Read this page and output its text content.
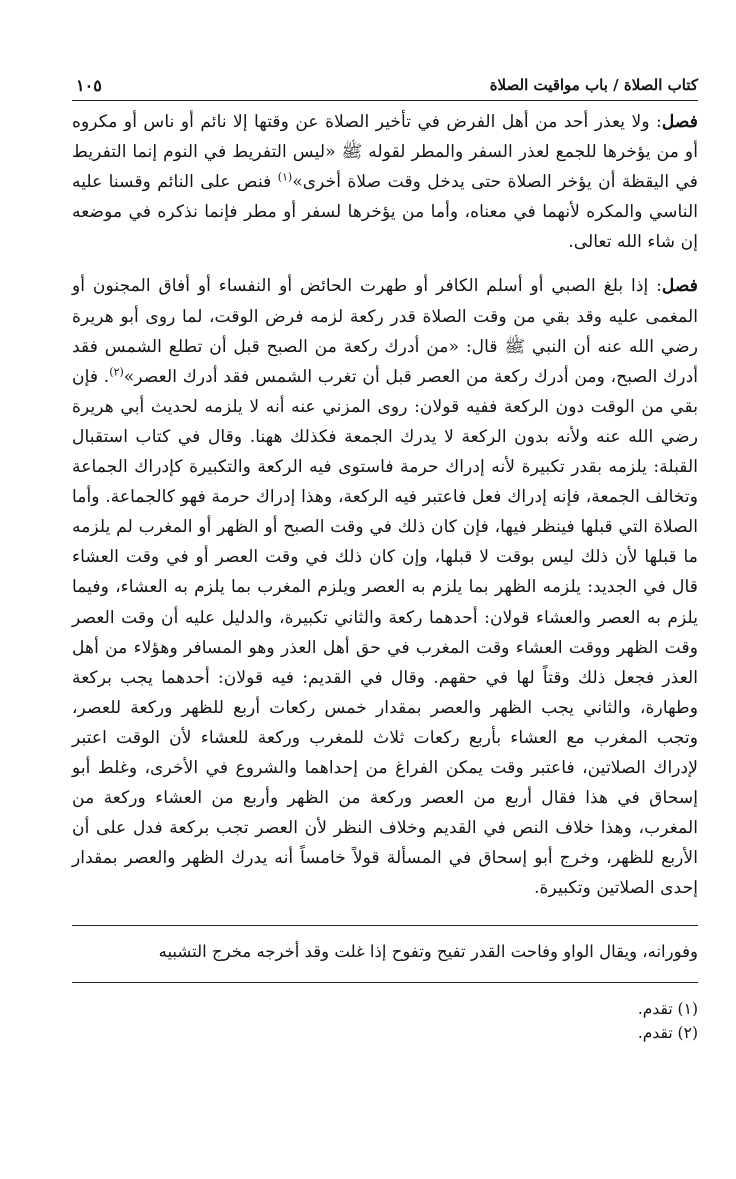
كتاب الصلاة / باب مواقيت الصلاة
١٠٥

فصل: ولا يعذر أحد من أهل الفرض في تأخير الصلاة عن وقتها إلا نائم أو ناس أو مكروه أو من يؤخرها للجمع لعذر السفر والمطر لقوله ﷺ «ليس التفريط في النوم إنما التفريط في اليقظة أن يؤخر الصلاة حتى يدخل وقت صلاة أخرى»$^{(١)}$ فنص على النائم وقسنا عليه الناسي والمكره لأنهما في معناه، وأما من يؤخرها لسفر أو مطر فإنما نذكره في موضعه إن شاء الله تعالى.

فصل: إذا بلغ الصبي أو أسلم الكافر أو طهرت الحائض أو النفساء أو أفاق المجنون أو المغمى عليه وقد بقي من وقت الصلاة قدر ركعة لزمه فرض الوقت، لما روى أبو هريرة رضي الله عنه أن النبي ﷺ قال: «من أدرك ركعة من الصبح قبل أن تطلع الشمس فقد أدرك الصبح، ومن أدرك ركعة من العصر قبل أن تغرب الشمس فقد أدرك العصر»$^{(٢)}$. فإن بقي من الوقت دون الركعة ففيه قولان: روى المزني عنه أنه لا يلزمه لحديث أبي هريرة رضي الله عنه ولأنه بدون الركعة لا يدرك الجمعة فكذلك ههنا. وقال في كتاب استقبال القبلة: يلزمه بقدر تكبيرة لأنه إدراك حرمة فاستوى فيه الركعة والتكبيرة كإدراك الجماعة وتخالف الجمعة، فإنه إدراك فعل فاعتبر فيه الركعة، وهذا إدراك حرمة فهو كالجماعة. وأما الصلاة التي قبلها فينظر فيها، فإن كان ذلك في وقت الصبح أو الظهر أو المغرب لم يلزمه ما قبلها لأن ذلك ليس بوقت لا قبلها، وإن كان ذلك في وقت العصر أو في وقت العشاء قال في الجديد: يلزمه الظهر بما يلزم به العصر ويلزم المغرب بما يلزم به العشاء، وفيما يلزم به العصر والعشاء قولان: أحدهما ركعة والثاني تكبيرة، والدليل عليه أن وقت العصر وقت الظهر ووقت العشاء وقت المغرب في حق أهل العذر وهو المسافر وهؤلاء من أهل العذر فجعل ذلك وقتاً لها في حقهم. وقال في القديم: فيه قولان: أحدهما يجب بركعة وطهارة، والثاني يجب الظهر والعصر بمقدار خمس ركعات أربع للظهر وركعة للعصر، وتجب المغرب مع العشاء بأربع ركعات ثلاث للمغرب وركعة للعشاء لأن الوقت اعتبر لإدراك الصلاتين، فاعتبر وقت يمكن الفراغ من إحداهما والشروع في الأخرى، وغلط أبو إسحاق في هذا فقال أربع من العصر وركعة من الظهر وأربع من العشاء وركعة من المغرب، وهذا خلاف النص في القديم وخلاف النظر لأن العصر تجب بركعة فدل على أن الأربع للظهر، وخرج أبو إسحاق في المسألة قولاً خامساً أنه يدرك الظهر والعصر بمقدار إحدى الصلاتين وتكبيرة.

وفورانه، ويقال الواو وفاحت القدر تفيح وتفوح إذا غلت وقد أخرجه مخرج التشبيه
(١) تقدم.
(٢) تقدم.
